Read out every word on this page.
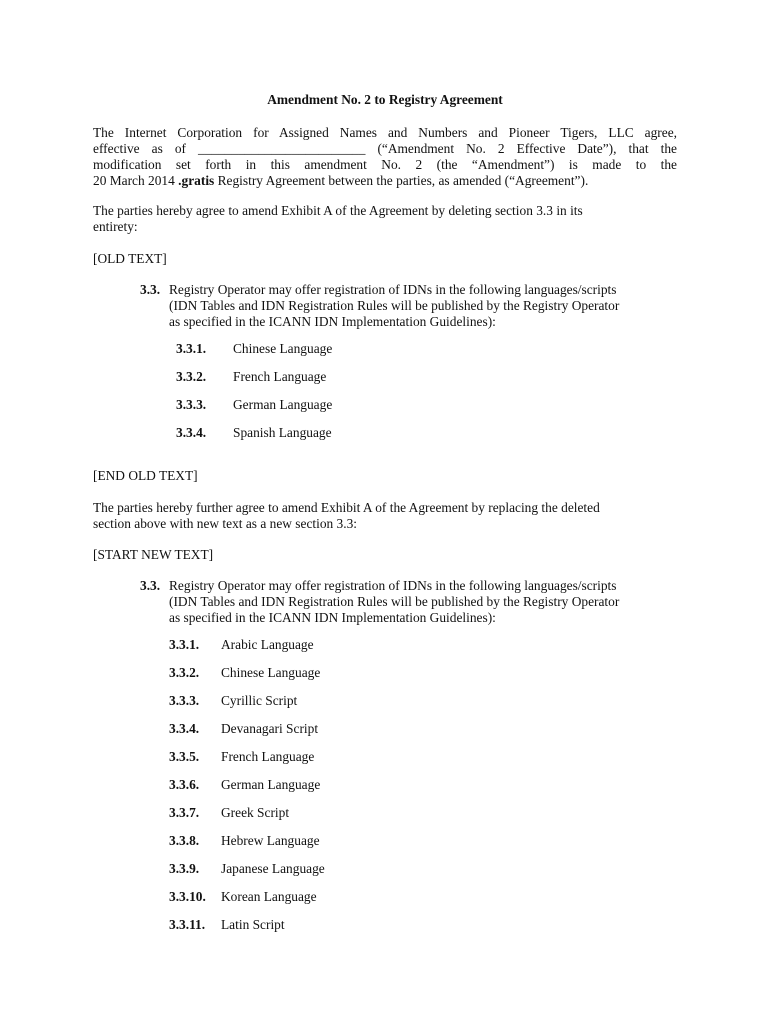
Amendment No. 2 to Registry Agreement
The Internet Corporation for Assigned Names and Numbers and Pioneer Tigers, LLC agree,
effective as of _________________________ (“Amendment No. 2 Effective Date”), that the
modification set forth in this amendment No. 2 (the “Amendment”) is made to the
20 March 2014 .gratis Registry Agreement between the parties, as amended (“Agreement”).
The parties hereby agree to amend Exhibit A of the Agreement by deleting section 3.3 in its
entirety:
[OLD TEXT]
3.3. Registry Operator may offer registration of IDNs in the following languages/scripts
(IDN Tables and IDN Registration Rules will be published by the Registry Operator
as specified in the ICANN IDN Implementation Guidelines):
3.3.1. Chinese Language
3.3.2. French Language
3.3.3. German Language
3.3.4. Spanish Language
[END OLD TEXT]
The parties hereby further agree to amend Exhibit A of the Agreement by replacing the deleted
section above with new text as a new section 3.3:
[START NEW TEXT]
3.3. Registry Operator may offer registration of IDNs in the following languages/scripts
(IDN Tables and IDN Registration Rules will be published by the Registry Operator
as specified in the ICANN IDN Implementation Guidelines):
3.3.1. Arabic Language
3.3.2. Chinese Language
3.3.3. Cyrillic Script
3.3.4. Devanagari Script
3.3.5. French Language
3.3.6. German Language
3.3.7. Greek Script
3.3.8. Hebrew Language
3.3.9. Japanese Language
3.3.10. Korean Language
3.3.11. Latin Script
